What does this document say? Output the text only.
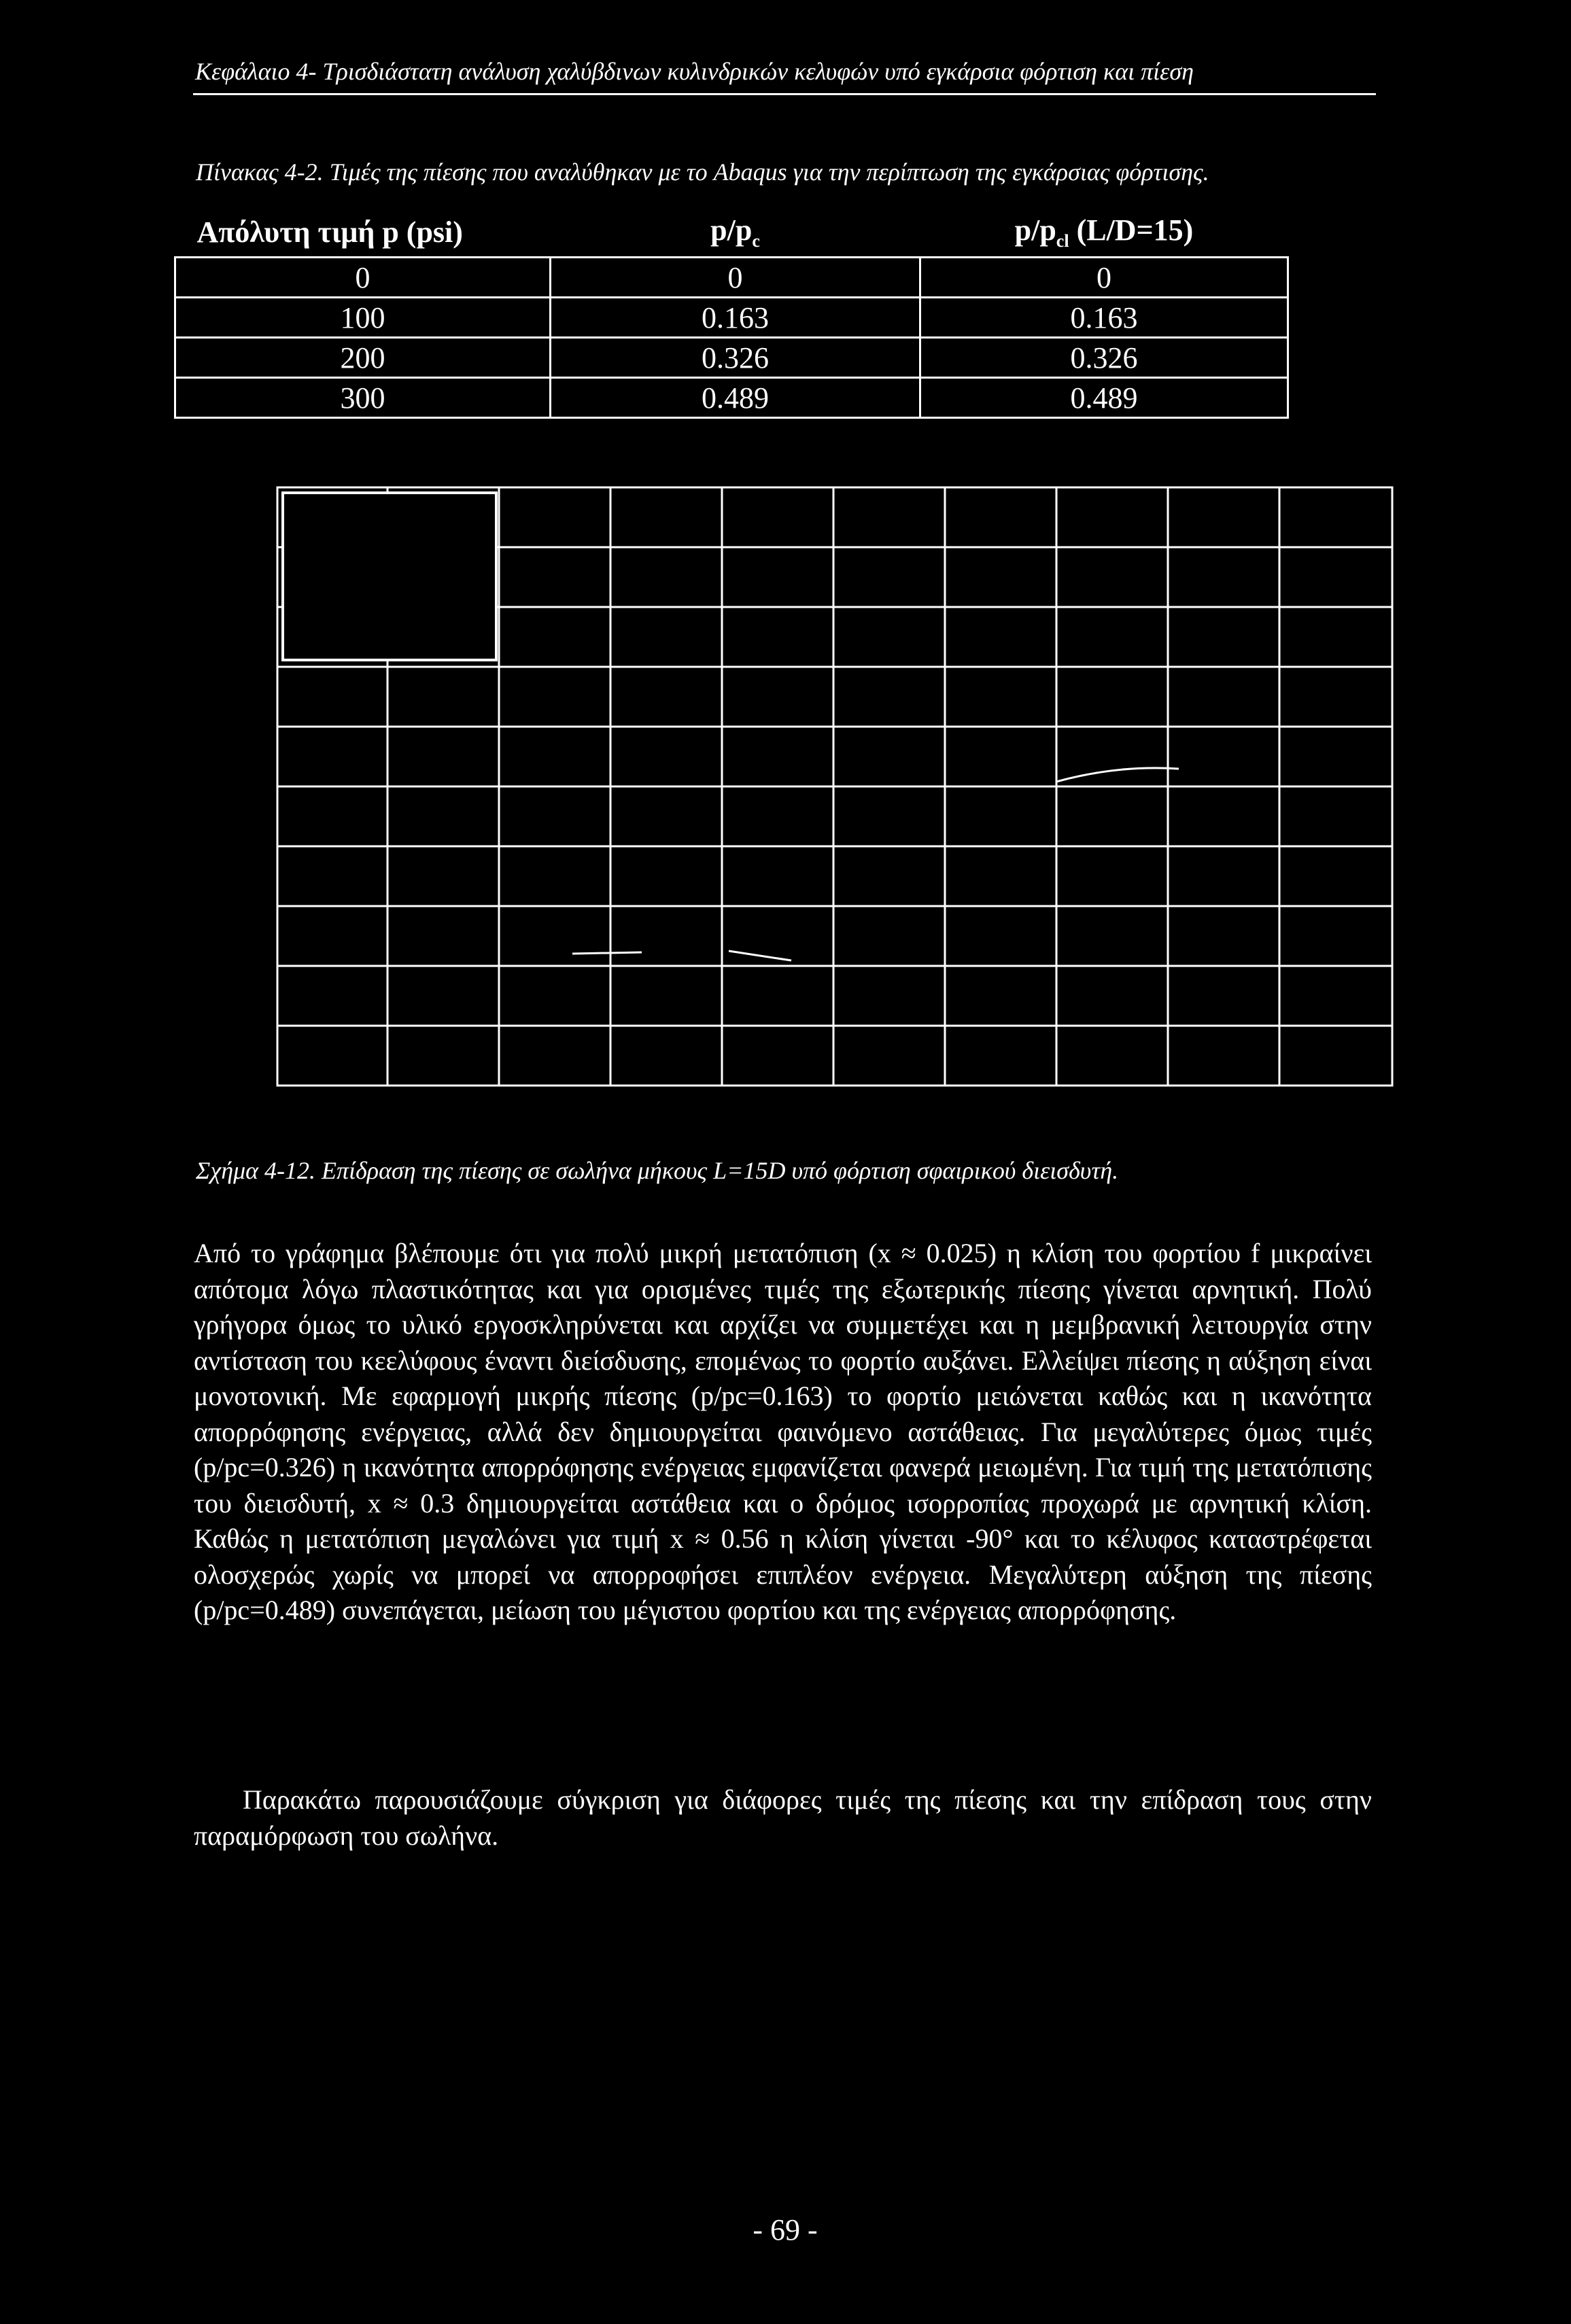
Κεφάλαιο 4- Τρισδιάστατη ανάλυση χαλύβδινων κυλινδρικών κελυφών υπό εγκάρσια φόρτιση και πίεση
Πίνακας 4-2. Τιμές της πίεσης που αναλύθηκαν με το Abaqus για την περίπτωση της εγκάρσιας φόρτισης.
Απόλυτη τιμή p (psi)	$p/p_c$	$p/p_{cl}$ (L/D=15)
0	0	0
100	0.163	0.163
200	0.326	0.326
300	0.489	0.489
Σχήμα 4-12. Επίδραση της πίεσης σε σωλήνα μήκους L=15D υπό φόρτιση σφαιρικού διεισδυτή.
Από το γράφημα βλέπουμε ότι για πολύ μικρή μετατόπιση (x ≈ 0.025) η κλίση του φορτίου f μικραίνει απότομα λόγω πλαστικότητας και για ορισμένες τιμές της εξωτερικής πίεσης γίνεται αρνητική. Πολύ γρήγορα όμως το υλικό εργοσκληρύνεται και αρχίζει να συμμετέχει και η μεμβρανική λειτουργία στην αντίσταση του κεελύφους έναντι διείσδυσης, επομένως το φορτίο αυξάνει. Ελλείψει πίεσης η αύξηση είναι μονοτονική. Με εφαρμογή μικρής πίεσης (p/pc=0.163) το φορτίο μειώνεται καθώς και η ικανότητα απορρόφησης ενέργειας, αλλά δεν δημιουργείται φαινόμενο αστάθειας. Για μεγαλύτερες όμως τιμές (p/pc=0.326) η ικανότητα απορρόφησης ενέργειας εμφανίζεται φανερά μειωμένη. Για τιμή της μετατόπισης του διεισδυτή, x ≈ 0.3 δημιουργείται αστάθεια και ο δρόμος ισορροπίας προχωρά με αρνητική κλίση. Καθώς η μετατόπιση μεγαλώνει για τιμή x ≈ 0.56 η κλίση γίνεται -90° και το κέλυφος καταστρέφεται ολοσχερώς χωρίς να μπορεί να απορροφήσει επιπλέον ενέργεια. Μεγαλύτερη αύξηση της πίεσης (p/pc=0.489) συνεπάγεται, μείωση του μέγιστου φορτίου και της ενέργειας απορρόφησης.
Παρακάτω παρουσιάζουμε σύγκριση για διάφορες τιμές της πίεσης και την επίδραση τους στην παραμόρφωση του σωλήνα.
- 69 -
